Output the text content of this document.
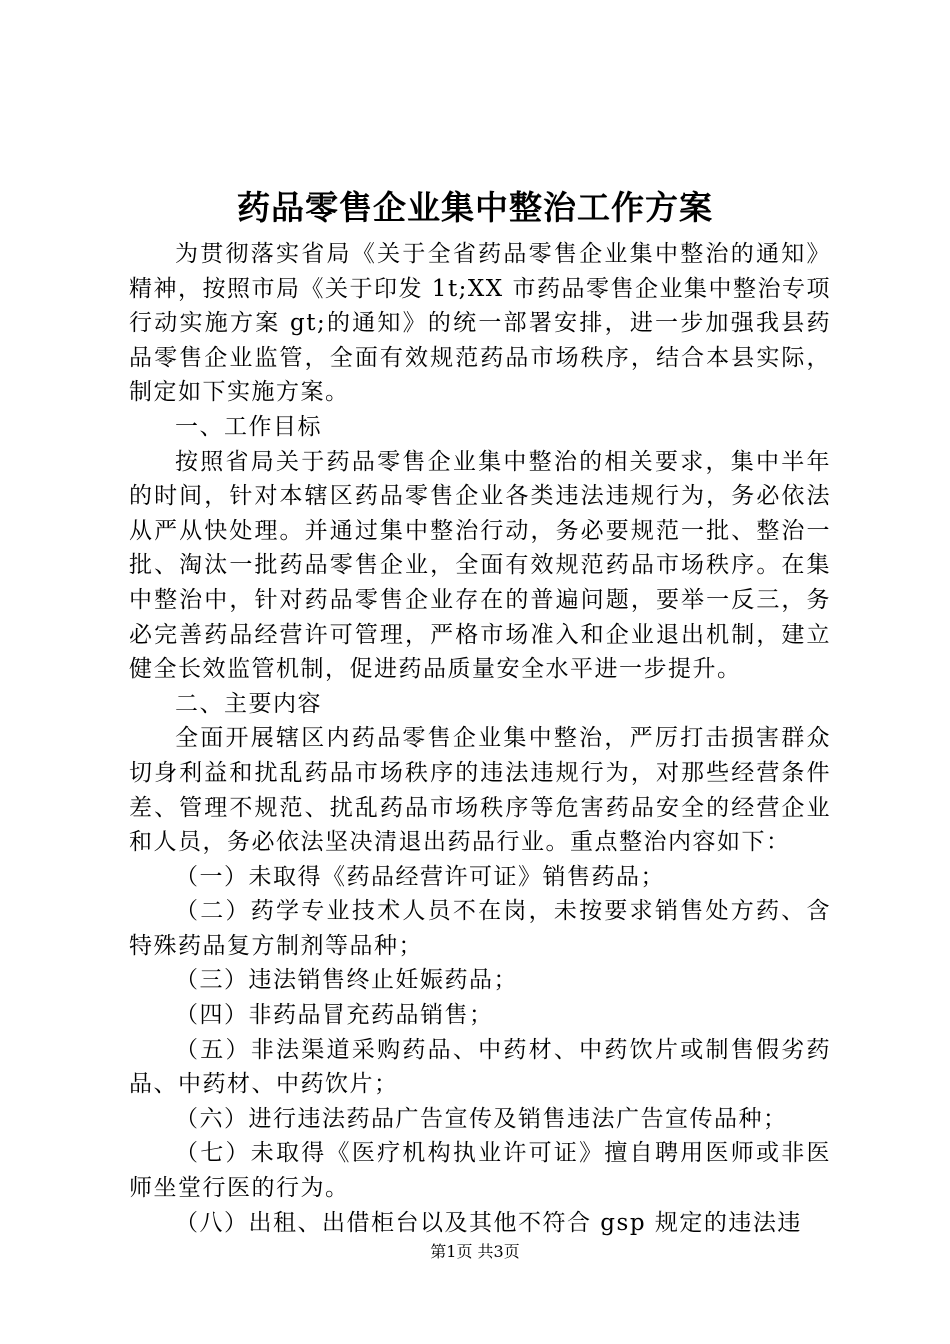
药品零售企业集中整治工作方案

为贯彻落实省局《关于全省药品零售企业集中整治的通知》精神，按照市局《关于印发 1t;XX 市药品零售企业集中整治专项行动实施方案 gt;的通知》的统一部署安排，进一步加强我县药品零售企业监管，全面有效规范药品市场秩序，结合本县实际，制定如下实施方案。

一、工作目标

按照省局关于药品零售企业集中整治的相关要求，集中半年的时间，针对本辖区药品零售企业各类违法违规行为，务必依法从严从快处理。并通过集中整治行动，务必要规范一批、整治一批、淘汰一批药品零售企业，全面有效规范药品市场秩序。在集中整治中，针对药品零售企业存在的普遍问题，要举一反三，务必完善药品经营许可管理，严格市场准入和企业退出机制，建立健全长效监管机制，促进药品质量安全水平进一步提升。

二、主要内容

全面开展辖区内药品零售企业集中整治，严厉打击损害群众切身利益和扰乱药品市场秩序的违法违规行为，对那些经营条件差、管理不规范、扰乱药品市场秩序等危害药品安全的经营企业和人员，务必依法坚决清退出药品行业。重点整治内容如下：

（一）未取得《药品经营许可证》销售药品；

（二）药学专业技术人员不在岗，未按要求销售处方药、含特殊药品复方制剂等品种；

（三）违法销售终止妊娠药品；

（四）非药品冒充药品销售；

（五）非法渠道采购药品、中药材、中药饮片或制售假劣药品、中药材、中药饮片；

（六）进行违法药品广告宣传及销售违法广告宣传品种；

（七）未取得《医疗机构执业许可证》擅自聘用医师或非医师坐堂行医的行为。

（八）出租、出借柜台以及其他不符合 gsp 规定的违法违

第1页 共3页
